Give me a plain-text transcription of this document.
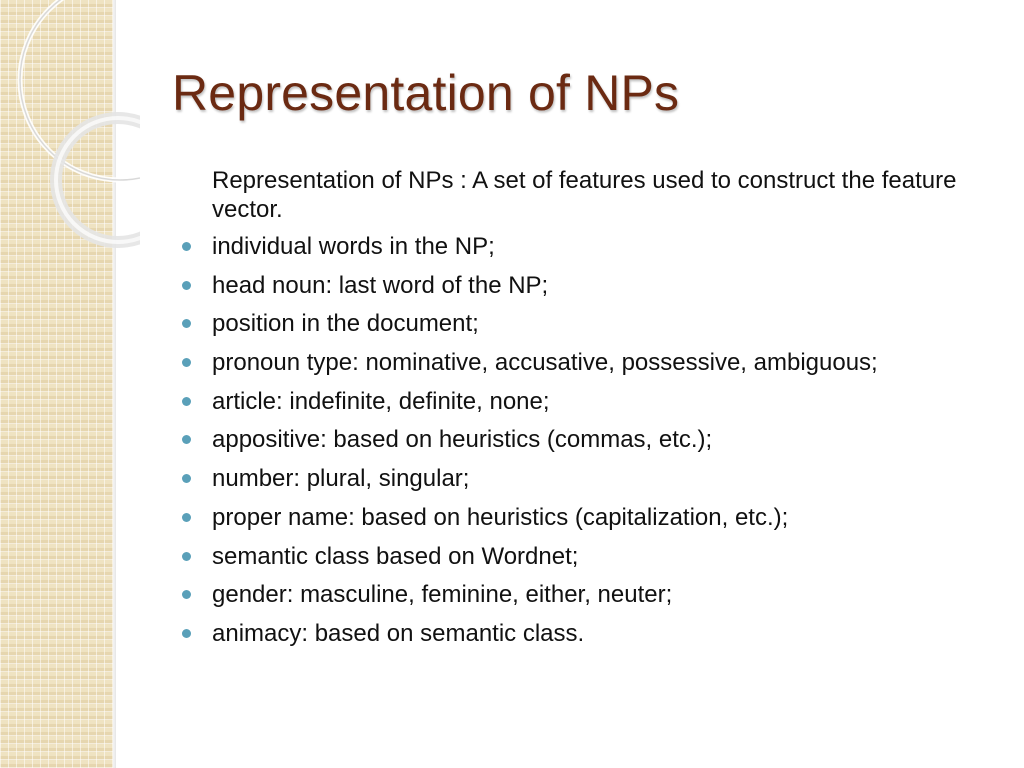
Representation of NPs

Representation of NPs : A set of features used to construct the feature vector.

individual words in the NP;
head noun: last word of the NP;
position in the document;
pronoun type: nominative, accusative, possessive, ambiguous;
article: indefinite, definite, none;
appositive: based on heuristics (commas, etc.);
number: plural, singular;
proper name: based on heuristics (capitalization, etc.);
semantic class based on Wordnet;
gender: masculine, feminine, either, neuter;
animacy: based on semantic class.
